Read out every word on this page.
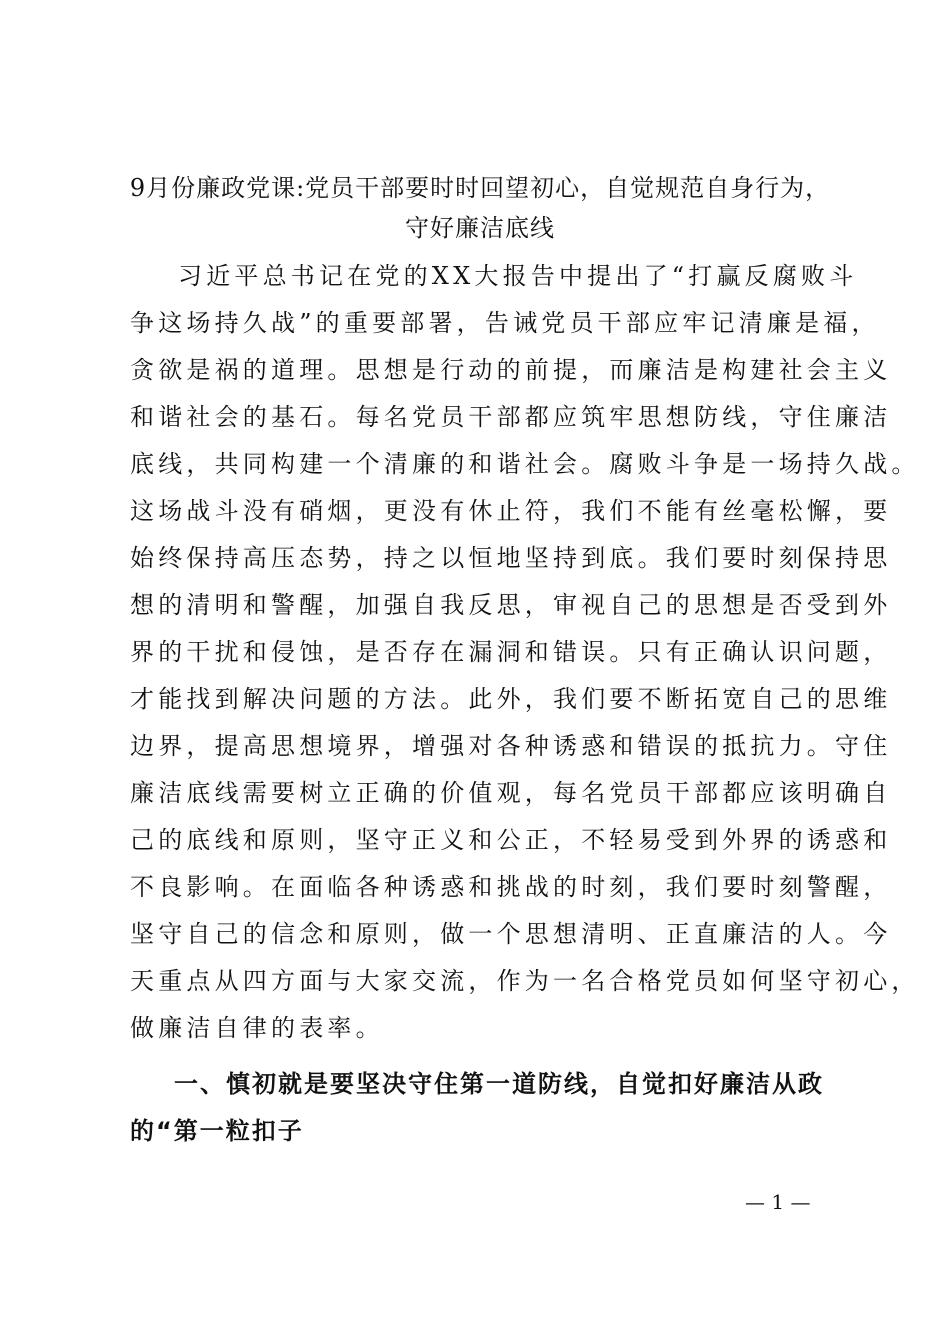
9月份廉政党课:党员干部要时时回望初心，自觉规范自身行为，
守好廉洁底线
习近平总书记在党的XX大报告中提出了“打赢反腐败斗
争这场持久战”的重要部署，告诫党员干部应牢记清廉是福，
贪欲是祸的道理。思想是行动的前提，而廉洁是构建社会主义
和谐社会的基石。每名党员干部都应筑牢思想防线，守住廉洁
底线，共同构建一个清廉的和谐社会。腐败斗争是一场持久战。
这场战斗没有硝烟，更没有休止符，我们不能有丝毫松懈，要
始终保持高压态势，持之以恒地坚持到底。我们要时刻保持思
想的清明和警醒，加强自我反思，审视自己的思想是否受到外
界的干扰和侵蚀，是否存在漏洞和错误。只有正确认识问题，
才能找到解决问题的方法。此外，我们要不断拓宽自己的思维
边界，提高思想境界，增强对各种诱惑和错误的抵抗力。守住
廉洁底线需要树立正确的价值观，每名党员干部都应该明确自
己的底线和原则，坚守正义和公正，不轻易受到外界的诱惑和
不良影响。在面临各种诱惑和挑战的时刻，我们要时刻警醒，
坚守自己的信念和原则，做一个思想清明、正直廉洁的人。今
天重点从四方面与大家交流，作为一名合格党员如何坚守初心，
做廉洁自律的表率。
一、慎初就是要坚决守住第一道防线，自觉扣好廉洁从政
的“第一粒扣子
— 1 —
